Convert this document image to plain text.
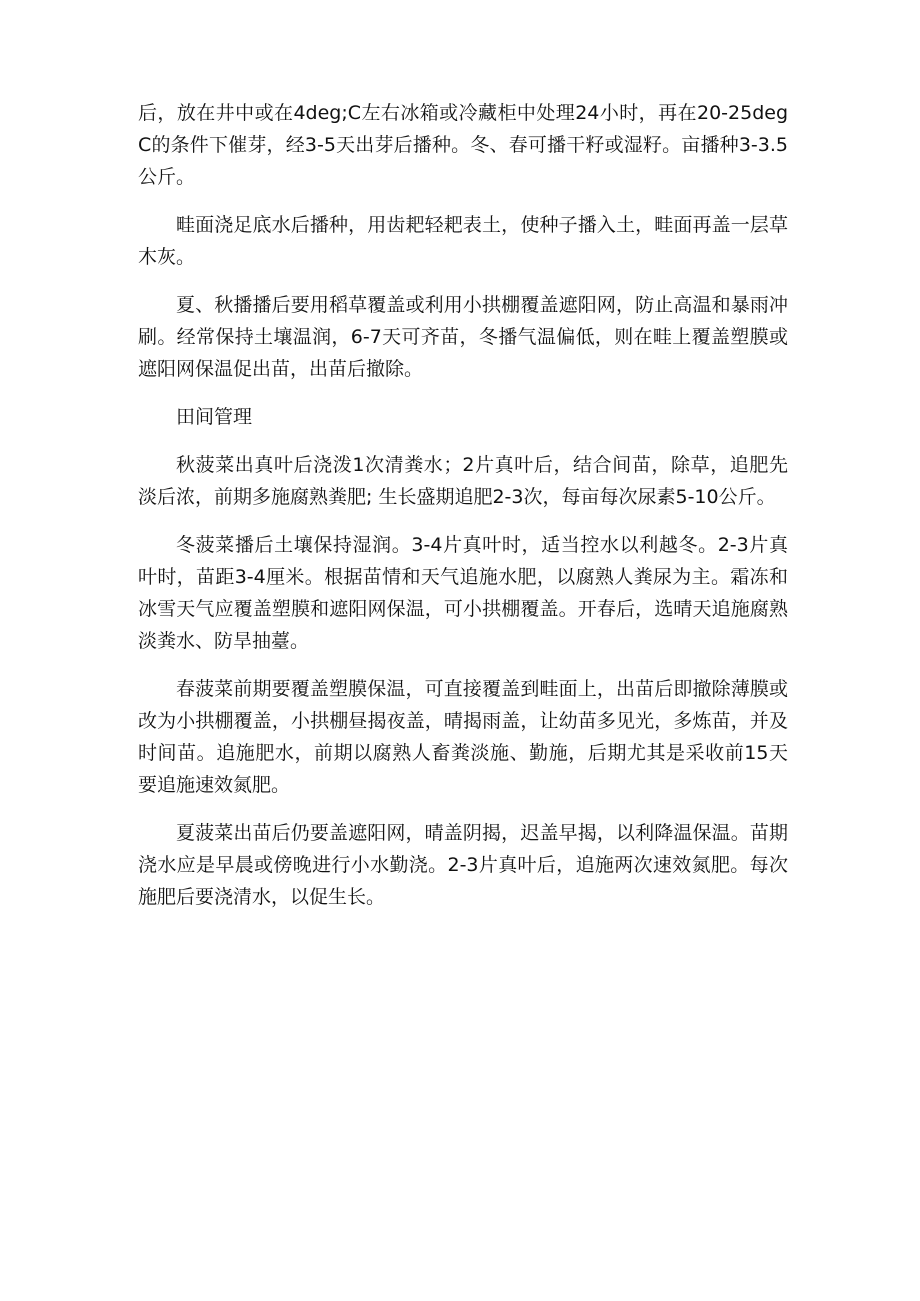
后，放在井中或在4deg;C左右冰箱或冷藏柜中处理24小时，再在20-25degC的条件下催芽，经3-5天出芽后播种。冬、春可播干籽或湿籽。亩播种3-3.5公斤。

畦面浇足底水后播种，用齿耙轻耙表土，使种子播入土，畦面再盖一层草木灰。

夏、秋播播后要用稻草覆盖或利用小拱棚覆盖遮阳网，防止高温和暴雨冲刷。经常保持土壤温润，6-7天可齐苗，冬播气温偏低，则在畦上覆盖塑膜或遮阳网保温促出苗，出苗后撤除。

田间管理

秋菠菜出真叶后浇泼1次清粪水；2片真叶后，结合间苗，除草，追肥先淡后浓，前期多施腐熟粪肥; 生长盛期追肥2-3次，每亩每次尿素5-10公斤。

冬菠菜播后土壤保持湿润。3-4片真叶时，适当控水以利越冬。2-3片真叶时，苗距3-4厘米。根据苗情和天气追施水肥，以腐熟人粪尿为主。霜冻和冰雪天气应覆盖塑膜和遮阳网保温，可小拱棚覆盖。开春后，选晴天追施腐熟淡粪水、防旱抽薹。

春菠菜前期要覆盖塑膜保温，可直接覆盖到畦面上，出苗后即撤除薄膜或改为小拱棚覆盖，小拱棚昼揭夜盖，晴揭雨盖，让幼苗多见光，多炼苗，并及时间苗。追施肥水，前期以腐熟人畜粪淡施、勤施，后期尤其是采收前15天要追施速效氮肥。

夏菠菜出苗后仍要盖遮阳网，晴盖阴揭，迟盖早揭，以利降温保温。苗期浇水应是早晨或傍晚进行小水勤浇。2-3片真叶后，追施两次速效氮肥。每次施肥后要浇清水，以促生长。
